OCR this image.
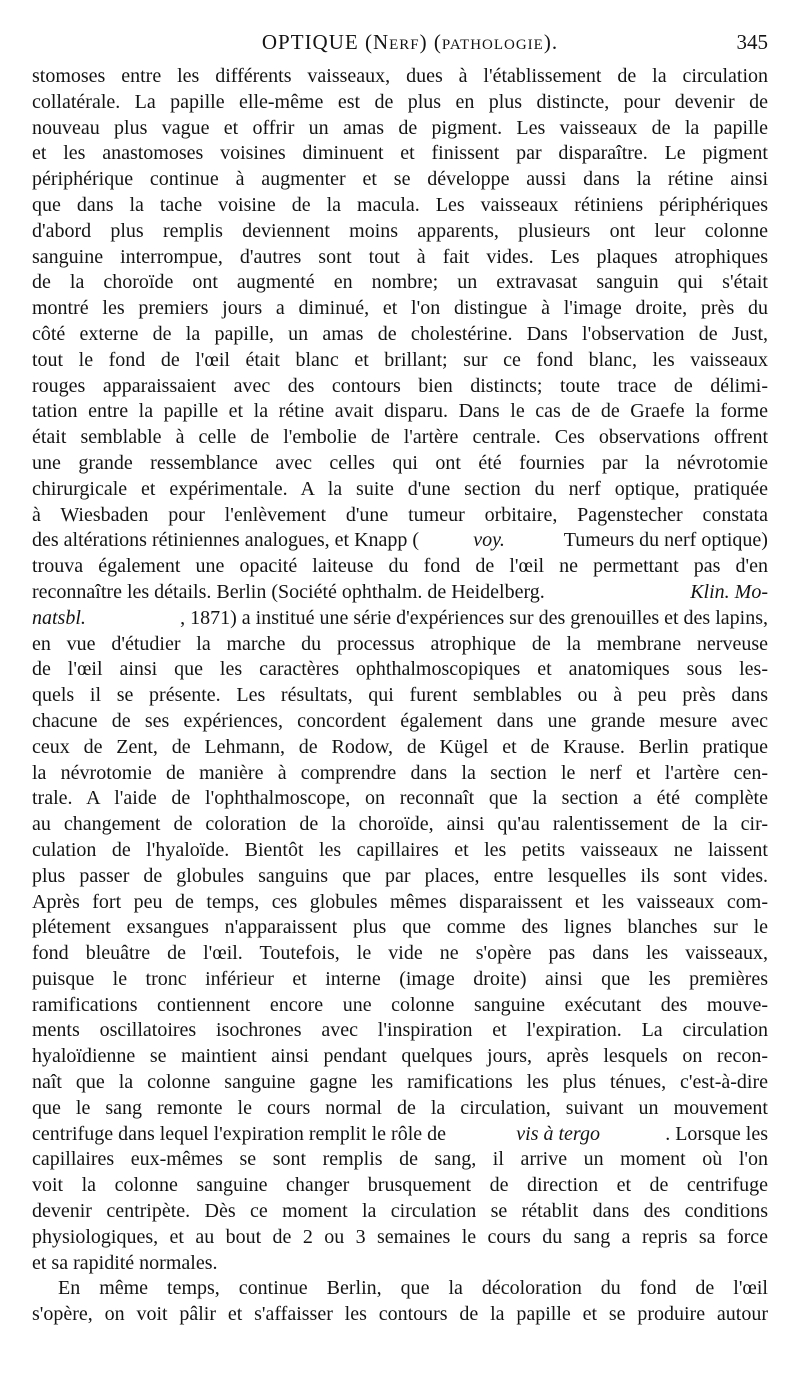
OPTIQUE (NERF) (PATHOLOGIE).	345
stomoses entre les différents vaisseaux, dues à l'établissement de la circulation
collatérale. La papille elle-même est de plus en plus distincte, pour devenir de
nouveau plus vague et offrir un amas de pigment. Les vaisseaux de la papille
et les anastomoses voisines diminuent et finissent par disparaître. Le pigment
périphérique continue à augmenter et se développe aussi dans la rétine ainsi
que dans la tache voisine de la macula. Les vaisseaux rétiniens périphériques
d'abord plus remplis deviennent moins apparents, plusieurs ont leur colonne
sanguine interrompue, d'autres sont tout à fait vides. Les plaques atrophiques
de la choroïde ont augmenté en nombre; un extravasat sanguin qui s'était
montré les premiers jours a diminué, et l'on distingue à l'image droite, près du
côté externe de la papille, un amas de cholestérine. Dans l'observation de Just,
tout le fond de l'œil était blanc et brillant; sur ce fond blanc, les vaisseaux
rouges apparaissaient avec des contours bien distincts; toute trace de délimi-
tation entre la papille et la rétine avait disparu. Dans le cas de de Graefe la forme
était semblable à celle de l'embolie de l'artère centrale. Ces observations offrent
une grande ressemblance avec celles qui ont été fournies par la névrotomie
chirurgicale et expérimentale. A la suite d'une section du nerf optique, pratiquée
à Wiesbaden pour l'enlèvement d'une tumeur orbitaire, Pagenstecher constata
des altérations rétiniennes analogues, et Knapp (	voy.	Tumeurs du nerf optique)
trouva également une opacité laiteuse du fond de l'œil ne permettant pas d'en
reconnaître les détails. Berlin (Société ophthalm. de Heidelberg.	Klin. Mo-
natsbl.	, 1871) a institué une série d'expériences sur des grenouilles et des lapins,
en vue d'étudier la marche du processus atrophique de la membrane nerveuse
de l'œil ainsi que les caractères ophthalmoscopiques et anatomiques sous les-
quels il se présente. Les résultats, qui furent semblables ou à peu près dans
chacune de ses expériences, concordent également dans une grande mesure avec
ceux de Zent, de Lehmann, de Rodow, de Kügel et de Krause. Berlin pratique
la névrotomie de manière à comprendre dans la section le nerf et l'artère cen-
trale. A l'aide de l'ophthalmoscope, on reconnaît que la section a été complète
au changement de coloration de la choroïde, ainsi qu'au ralentissement de la cir-
culation de l'hyaloïde. Bientôt les capillaires et les petits vaisseaux ne laissent
plus passer de globules sanguins que par places, entre lesquelles ils sont vides.
Après fort peu de temps, ces globules mêmes disparaissent et les vaisseaux com-
plétement exsangues n'apparaissent plus que comme des lignes blanches sur le
fond bleuâtre de l'œil. Toutefois, le vide ne s'opère pas dans les vaisseaux,
puisque le tronc inférieur et interne (image droite) ainsi que les premières
ramifications contiennent encore une colonne sanguine exécutant des mouve-
ments oscillatoires isochrones avec l'inspiration et l'expiration. La circulation
hyaloïdienne se maintient ainsi pendant quelques jours, après lesquels on recon-
naît que la colonne sanguine gagne les ramifications les plus ténues, c'est-à-dire
que le sang remonte le cours normal de la circulation, suivant un mouvement
centrifuge dans lequel l'expiration remplit le rôle de	vis à tergo	. Lorsque les
capillaires eux-mêmes se sont remplis de sang, il arrive un moment où l'on
voit la colonne sanguine changer brusquement de direction et de centrifuge
devenir centripète. Dès ce moment la circulation se rétablit dans des conditions
physiologiques, et au bout de 2 ou 3 semaines le cours du sang a repris sa force
et sa rapidité normales.
En même temps, continue Berlin, que la décoloration du fond de l'œil
s'opère, on voit pâlir et s'affaisser les contours de la papille et se produire autour
